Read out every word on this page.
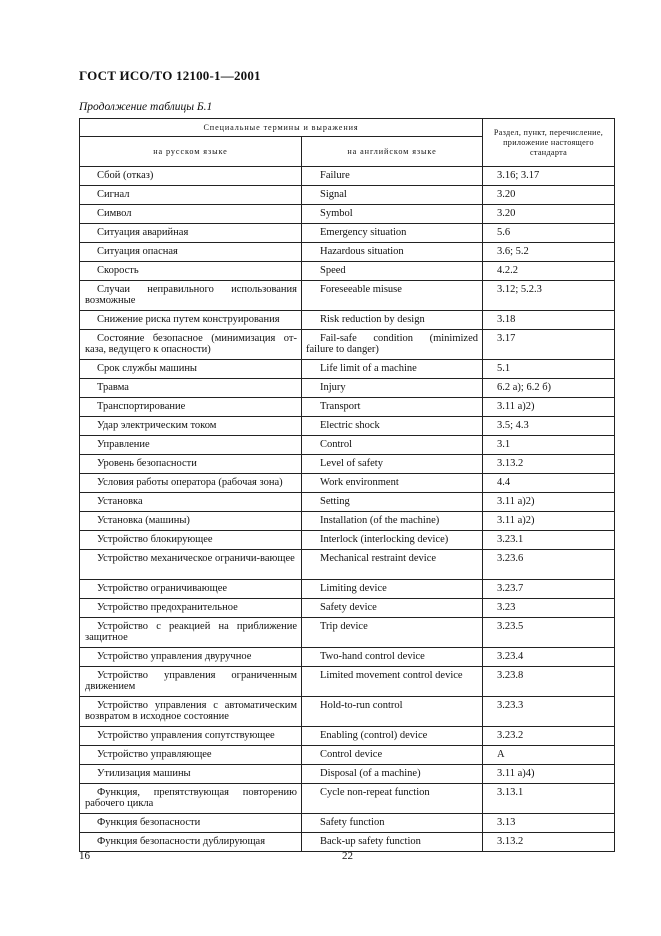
ГОСТ ИСО/ТО 12100-1—2001
Продолжение таблицы Б.1
Специальные термины и выражения		Раздел, пункт, перечисление, приложение настоящего стандарта
на русском языке	на английском языке	
Сбой (отказ)	Failure	3.16; 3.17
Сигнал	Signal	3.20
Символ	Symbol	3.20
Ситуация аварийная	Emergency situation	5.6
Ситуация опасная	Hazardous situation	3.6; 5.2
Скорость	Speed	4.2.2
Случаи неправильного использования возможные	Foreseeable misuse	3.12; 5.2.3
Снижение риска путем конструирования	Risk reduction by design	3.18
Состояние безопасное (минимизация от-каза, ведущего к опасности)	Fail-safe condition (minimized failure to danger)	3.17
Срок службы машины	Life limit of a machine	5.1
Травма	Injury	6.2 а); 6.2 б)
Транспортирование	Transport	3.11 а)2)
Удар электрическим током	Electric shock	3.5; 4.3
Управление	Control	3.1
Уровень безопасности	Level of safety	3.13.2
Условия работы оператора (рабочая зона)	Work environment	4.4
Установка	Setting	3.11 а)2)
Установка (машины)	Installation (of the machine)	3.11 а)2)
Устройство блокирующее	Interlock (interlocking device)	3.23.1
Устройство механическое ограничи-вающее	Mechanical restraint device	3.23.6
Устройство ограничивающее	Limiting device	3.23.7
Устройство предохранительное	Safety device	3.23
Устройство с реакцией на приближение защитное	Trip device	3.23.5
Устройство управления двуручное	Two-hand control device	3.23.4
Устройство управления ограниченным движением	Limited movement control device	3.23.8
Устройство управления с автоматическим возвратом в исходное состояние	Hold-to-run control	3.23.3
Устройство управления сопутствующее	Enabling (control) device	3.23.2
Устройство управляющее	Control device	А
Утилизация машины	Disposal (of a machine)	3.11 а)4)
Функция, препятствующая повторению рабочего цикла	Cycle non-repeat function	3.13.1
Функция безопасности	Safety function	3.13
Функция безопасности дублирующая	Back-up safety function	3.13.2
16	22
